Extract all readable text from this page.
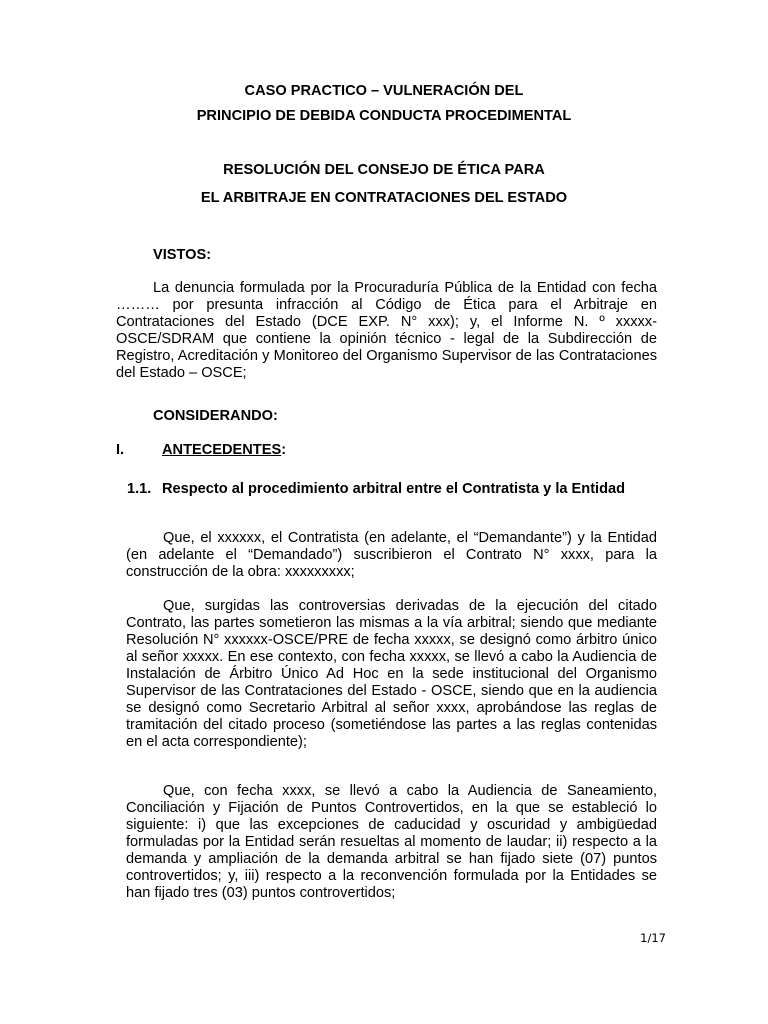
CASO PRACTICO – VULNERACIÓN DEL
PRINCIPIO DE DEBIDA CONDUCTA PROCEDIMENTAL
RESOLUCIÓN DEL CONSEJO DE ÉTICA PARA
EL ARBITRAJE EN CONTRATACIONES DEL ESTADO
VISTOS:
La denuncia formulada por la Procuraduría Pública de la Entidad con fecha ……… por presunta infracción al Código de Ética para el Arbitraje en Contrataciones del Estado (DCE EXP. N° xxx); y, el Informe N. º xxxxx-OSCE/SDRAM que contiene la opinión técnico - legal de la Subdirección de Registro, Acreditación y Monitoreo del Organismo Supervisor de las Contrataciones del Estado – OSCE;
CONSIDERANDO:
I.	ANTECEDENTES:
1.1. Respecto al procedimiento arbitral entre el Contratista y la Entidad
Que, el xxxxxx, el Contratista (en adelante, el “Demandante”) y la Entidad (en adelante el “Demandado”) suscribieron el Contrato N° xxxx, para la construcción de la obra: xxxxxxxxx;
Que, surgidas las controversias derivadas de la ejecución del citado Contrato, las partes sometieron las mismas a la vía arbitral; siendo que mediante Resolución N° xxxxxx-OSCE/PRE de fecha xxxxx, se designó como árbitro único al señor xxxxx. En ese contexto, con fecha xxxxx, se llevó a cabo la Audiencia de Instalación de Árbitro Único Ad Hoc en la sede institucional del Organismo Supervisor de las Contrataciones del Estado - OSCE, siendo que en la audiencia se designó como Secretario Arbitral al señor xxxx, aprobándose las reglas de tramitación del citado proceso (sometiéndose las partes a las reglas contenidas en el acta correspondiente);
Que, con fecha xxxx, se llevó a cabo la Audiencia de Saneamiento, Conciliación y Fijación de Puntos Controvertidos, en la que se estableció lo siguiente: i) que las excepciones de caducidad y oscuridad y ambigüedad formuladas por la Entidad serán resueltas al momento de laudar; ii) respecto a la demanda y ampliación de la demanda arbitral se han fijado siete (07) puntos controvertidos; y, iii) respecto a la reconvención formulada por la Entidades se han fijado tres (03) puntos controvertidos;
1/17
